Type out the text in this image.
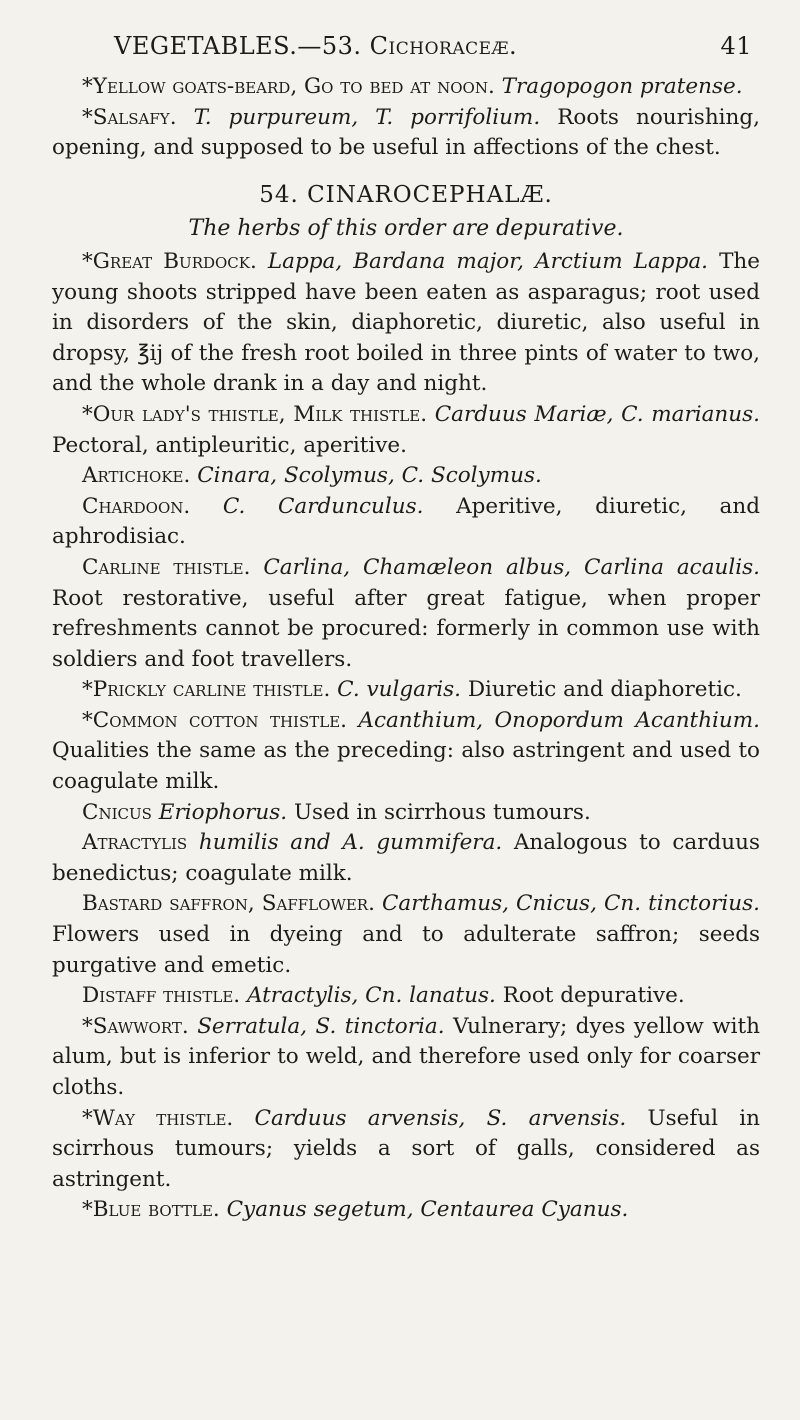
VEGETABLES.—53. Cichoraceæ.	41

*Yellow goats-beard, Go to bed at noon. Tragopogon pratense.

*Salsafy. T. purpureum, T. porrifolium. Roots nourishing, opening, and supposed to be useful in affections of the chest.

54. CINAROCEPHALÆ.
The herbs of this order are depurative.

*Great Burdock. Lappa, Bardana major, Arctium Lappa. The young shoots stripped have been eaten as asparagus; root used in disorders of the skin, diaphoretic, diuretic, also useful in dropsy, ℥ij of the fresh root boiled in three pints of water to two, and the whole drank in a day and night.

*Our lady's thistle, Milk thistle. Carduus Mariæ, C. marianus. Pectoral, antipleuritic, aperitive.

Artichoke. Cinara, Scolymus, C. Scolymus.

Chardoon. C. Cardunculus. Aperitive, diuretic, and aphrodisiac.

Carline thistle. Carlina, Chamæleon albus, Carlina acaulis. Root restorative, useful after great fatigue, when proper refreshments cannot be procured: formerly in common use with soldiers and foot travellers.

*Prickly carline thistle. C. vulgaris. Diuretic and diaphoretic.

*Common cotton thistle. Acanthium, Onopordum Acanthium. Qualities the same as the preceding: also astringent and used to coagulate milk.

Cnicus Eriophorus. Used in scirrhous tumours.

Atractylis humilis and A. gummifera. Analogous to carduus benedictus; coagulate milk.

Bastard saffron, Safflower. Carthamus, Cnicus, Cn. tinctorius. Flowers used in dyeing and to adulterate saffron; seeds purgative and emetic.

Distaff thistle. Atractylis, Cn. lanatus. Root depurative.

*Sawwort. Serratula, S. tinctoria. Vulnerary; dyes yellow with alum, but is inferior to weld, and therefore used only for coarser cloths.

*Way thistle. Carduus arvensis, S. arvensis. Useful in scirrhous tumours; yields a sort of galls, considered as astringent.

*Blue bottle. Cyanus segetum, Centaurea Cyanus.
